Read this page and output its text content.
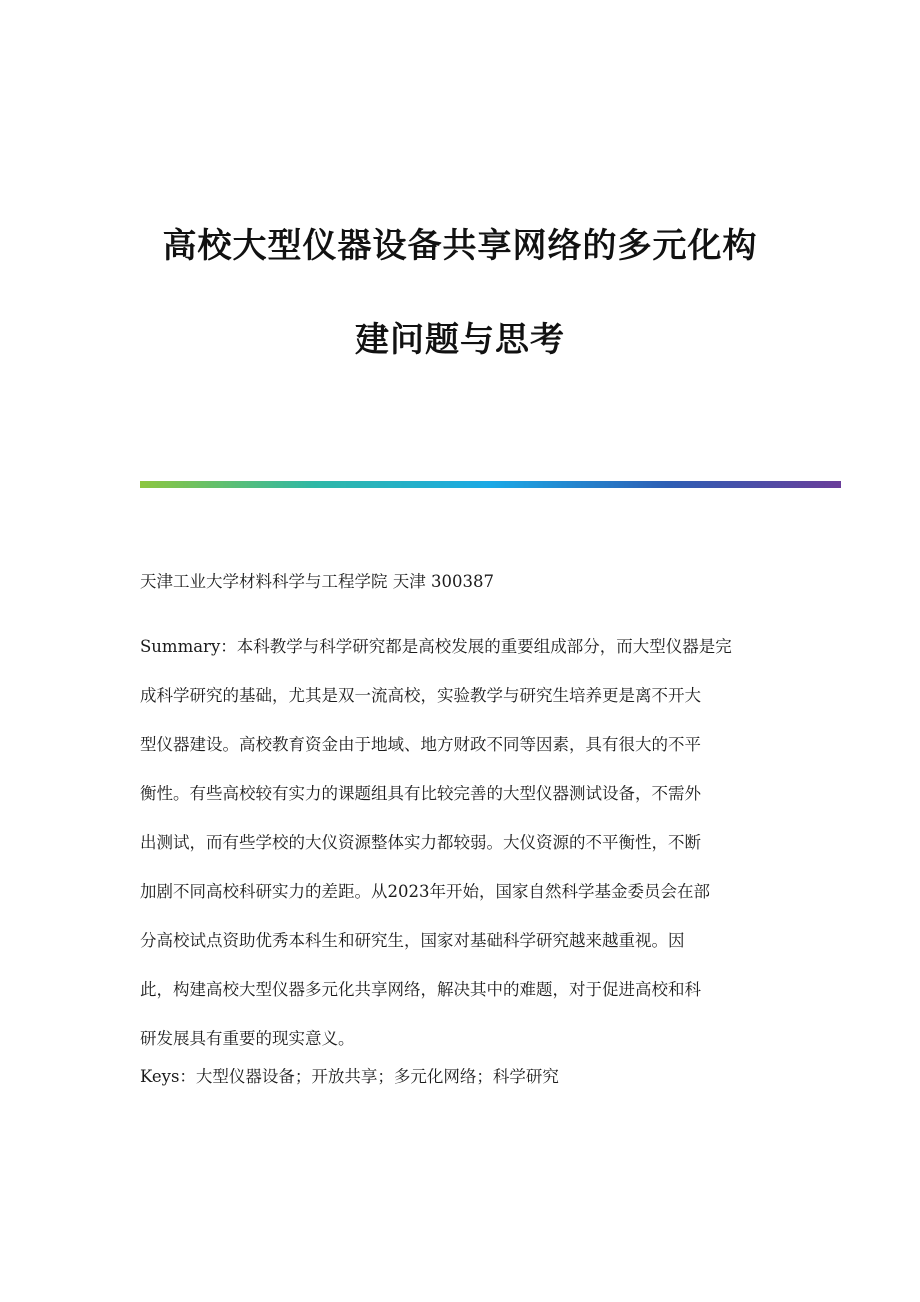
高校大型仪器设备共享网络的多元化构
建问题与思考
天津工业大学材料科学与工程学院 天津 300387
Summary：本科教学与科学研究都是高校发展的重要组成部分，而大型仪器是完
成科学研究的基础，尤其是双一流高校，实验教学与研究生培养更是离不开大
型仪器建设。高校教育资金由于地域、地方财政不同等因素，具有很大的不平
衡性。有些高校较有实力的课题组具有比较完善的大型仪器测试设备，不需外
出测试，而有些学校的大仪资源整体实力都较弱。大仪资源的不平衡性，不断
加剧不同高校科研实力的差距。从2023年开始，国家自然科学基金委员会在部
分高校试点资助优秀本科生和研究生，国家对基础科学研究越来越重视。因
此，构建高校大型仪器多元化共享网络，解决其中的难题，对于促进高校和科
研发展具有重要的现实意义。
Keys：大型仪器设备；开放共享；多元化网络；科学研究
